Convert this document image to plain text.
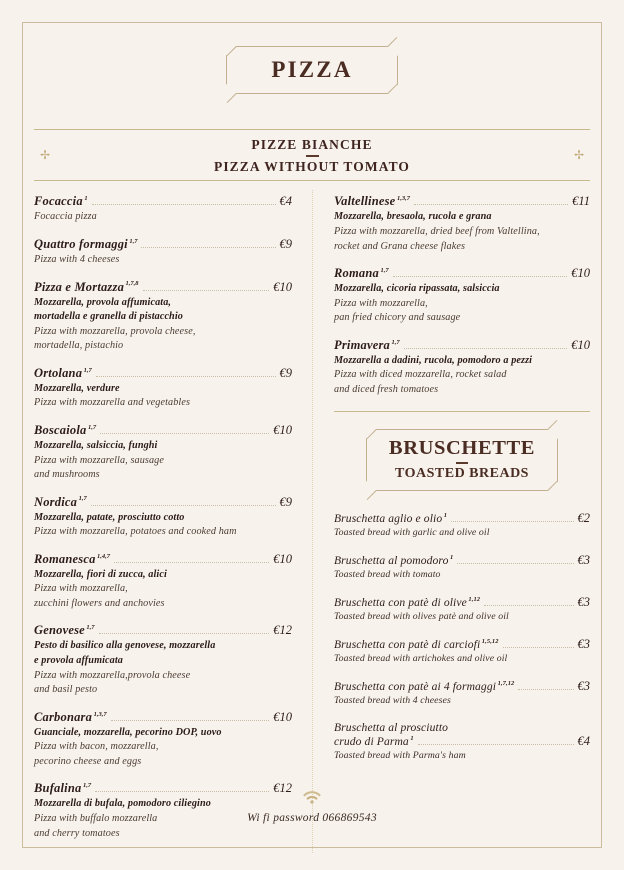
PIZZA
✢	✢
PIZZE BIANCHE
PIZZA WITHOUT TOMATO
Focaccia $^1$	€4
Focaccia pizza
Quattro formaggi $^{1,7}$	€9
Pizza with 4 cheeses
Pizza e Mortazza $^{1,7,8}$	€10
Mozzarella, provola affumicata,
mortadella e granella di pistacchio
Pizza with mozzarella, provola cheese,
mortadella, pistachio
Ortolana $^{1,7}$	€9
Mozzarella, verdure
Pizza with mozzarella and vegetables
Boscaiola $^{1,7}$	€10
Mozzarella, salsiccia, funghi
Pizza with mozzarella, sausage
and mushrooms
Nordica $^{1,7}$	€9
Mozzarella, patate, prosciutto cotto
Pizza with mozzarella, potatoes and cooked ham
Romanesca $^{1,4,7}$	€10
Mozzarella, fiori di zucca, alici
Pizza with mozzarella,
zucchini flowers and anchovies
Genovese $^{1,7}$	€12
Pesto di basilico alla genovese, mozzarella
e provola affumicata
Pizza with mozzarella,provola cheese
and basil pesto
Carbonara $^{1,3,7}$	€10
Guanciale, mozzarella, pecorino DOP, uovo
Pizza with bacon, mozzarella,
pecorino cheese and eggs
Bufalina $^{1,7}$	€12
Mozzarella di bufala, pomodoro ciliegino
Pizza with buffalo mozzarella
and cherry tomatoes
Valtellinese $^{1,3,7}$	€11
Mozzarella, bresaola, rucola e grana
Pizza with mozzarella, dried beef from Valtellina,
rocket and Grana cheese flakes
Romana $^{1,7}$	€10
Mozzarella, cicoria ripassata, salsiccia
Pizza with mozzarella,
pan fried chicory and sausage
Primavera $^{1,7}$	€10
Mozzarella a dadini, rucola, pomodoro a pezzi
Pizza with diced mozzarella, rocket salad
and diced fresh tomatoes
BRUSCHETTE
TOASTED BREADS
Bruschetta aglio e olio $^1$	€2
Toasted bread with garlic and olive oil
Bruschetta al pomodoro $^1$	€3
Toasted bread with tomato
Bruschetta con patè di olive $^{1,12}$	€3
Toasted bread with olives patè and olive oil
Bruschetta con patè di carciofi $^{1,5,12}$	€3
Toasted bread with artichokes and olive oil
Bruschetta con patè ai 4 formaggi $^{1,7,12}$	€3
Toasted bread with 4 cheeses
Bruschetta al prosciutto
crudo di Parma $^1$	€4
Toasted bread with Parma's ham
Wi fi password 066869543
